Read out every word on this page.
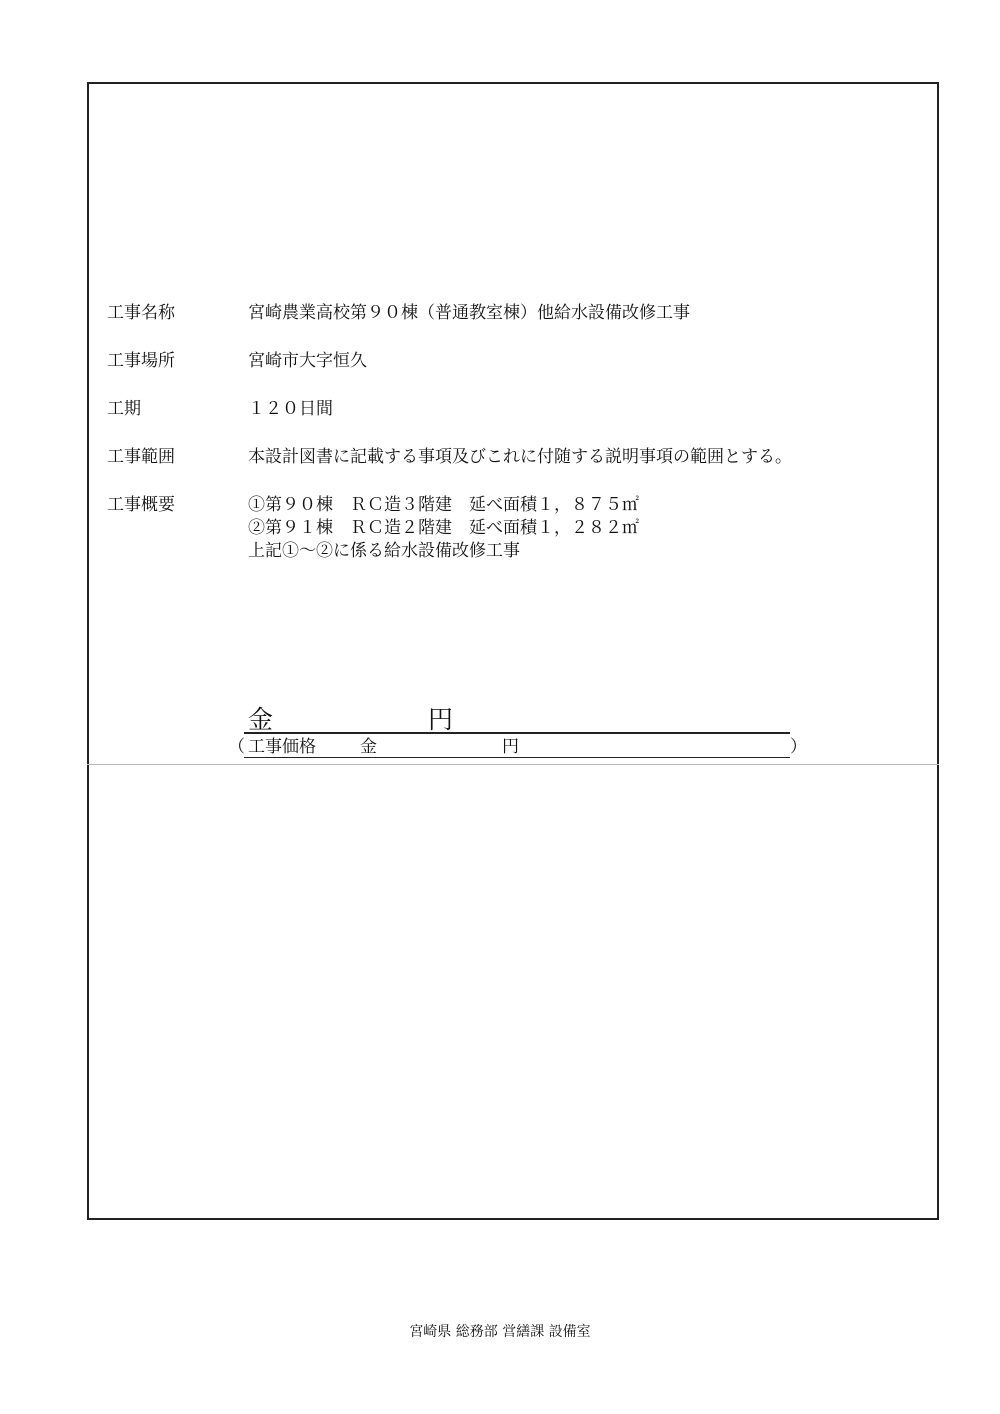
工事名称	宮崎農業高校第９０棟（普通教室棟）他給水設備改修工事
工事場所	宮崎市大字恒久
工期	１２０日間
工事範囲	本設計図書に記載する事項及びこれに付随する説明事項の範囲とする。
工事概要	①第９０棟　ＲＣ造３階建　延べ面積１，８７５㎡
②第９１棟　ＲＣ造２階建　延べ面積１，２８２㎡
上記①～②に係る給水設備改修工事
金	円
（ 工事価格	金	円	）
宮崎県 総務部 営繕課 設備室
